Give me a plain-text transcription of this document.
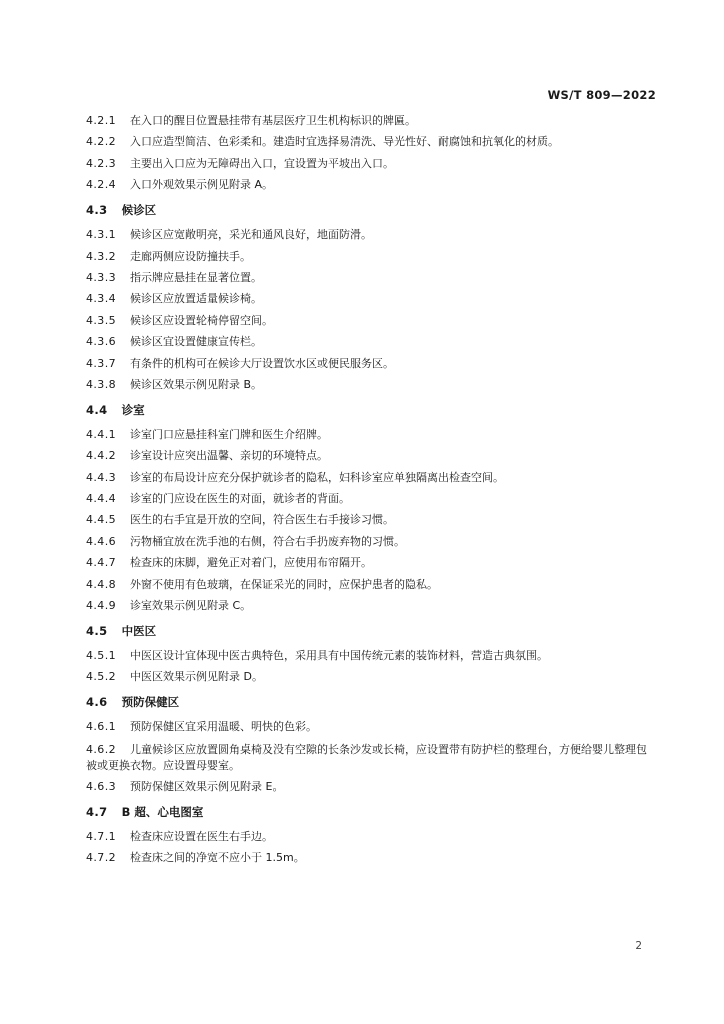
WS/T 809—2022
4.2.1 在入口的醒目位置悬挂带有基层医疗卫生机构标识的牌匾。
4.2.2 入口应造型简洁、色彩柔和。建造时宜选择易清洗、导光性好、耐腐蚀和抗氧化的材质。
4.2.3 主要出入口应为无障碍出入口，宜设置为平坡出入口。
4.2.4 入口外观效果示例见附录 A。
4.3 候诊区
4.3.1 候诊区应宽敞明亮，采光和通风良好，地面防滑。
4.3.2 走廊两侧应设防撞扶手。
4.3.3 指示牌应悬挂在显著位置。
4.3.4 候诊区应放置适量候诊椅。
4.3.5 候诊区应设置轮椅停留空间。
4.3.6 候诊区宜设置健康宣传栏。
4.3.7 有条件的机构可在候诊大厅设置饮水区或便民服务区。
4.3.8 候诊区效果示例见附录 B。
4.4 诊室
4.4.1 诊室门口应悬挂科室门牌和医生介绍牌。
4.4.2 诊室设计应突出温馨、亲切的环境特点。
4.4.3 诊室的布局设计应充分保护就诊者的隐私，妇科诊室应单独隔离出检查空间。
4.4.4 诊室的门应设在医生的对面，就诊者的背面。
4.4.5 医生的右手宜是开放的空间，符合医生右手接诊习惯。
4.4.6 污物桶宜放在洗手池的右侧，符合右手扔废弃物的习惯。
4.4.7 检查床的床脚，避免正对着门，应使用布帘隔开。
4.4.8 外窗不使用有色玻璃，在保证采光的同时，应保护患者的隐私。
4.4.9 诊室效果示例见附录 C。
4.5 中医区
4.5.1 中医区设计宜体现中医古典特色，采用具有中国传统元素的装饰材料，营造古典氛围。
4.5.2 中医区效果示例见附录 D。
4.6 预防保健区
4.6.1 预防保健区宜采用温暖、明快的色彩。
4.6.2 儿童候诊区应放置圆角桌椅及没有空隙的长条沙发或长椅，应设置带有防护栏的整理台，方便给婴儿整理包被或更换衣物。应设置母婴室。
4.6.3 预防保健区效果示例见附录 E。
4.7 B 超、心电图室
4.7.1 检查床应设置在医生右手边。
4.7.2 检查床之间的净宽不应小于 1.5m。
2
